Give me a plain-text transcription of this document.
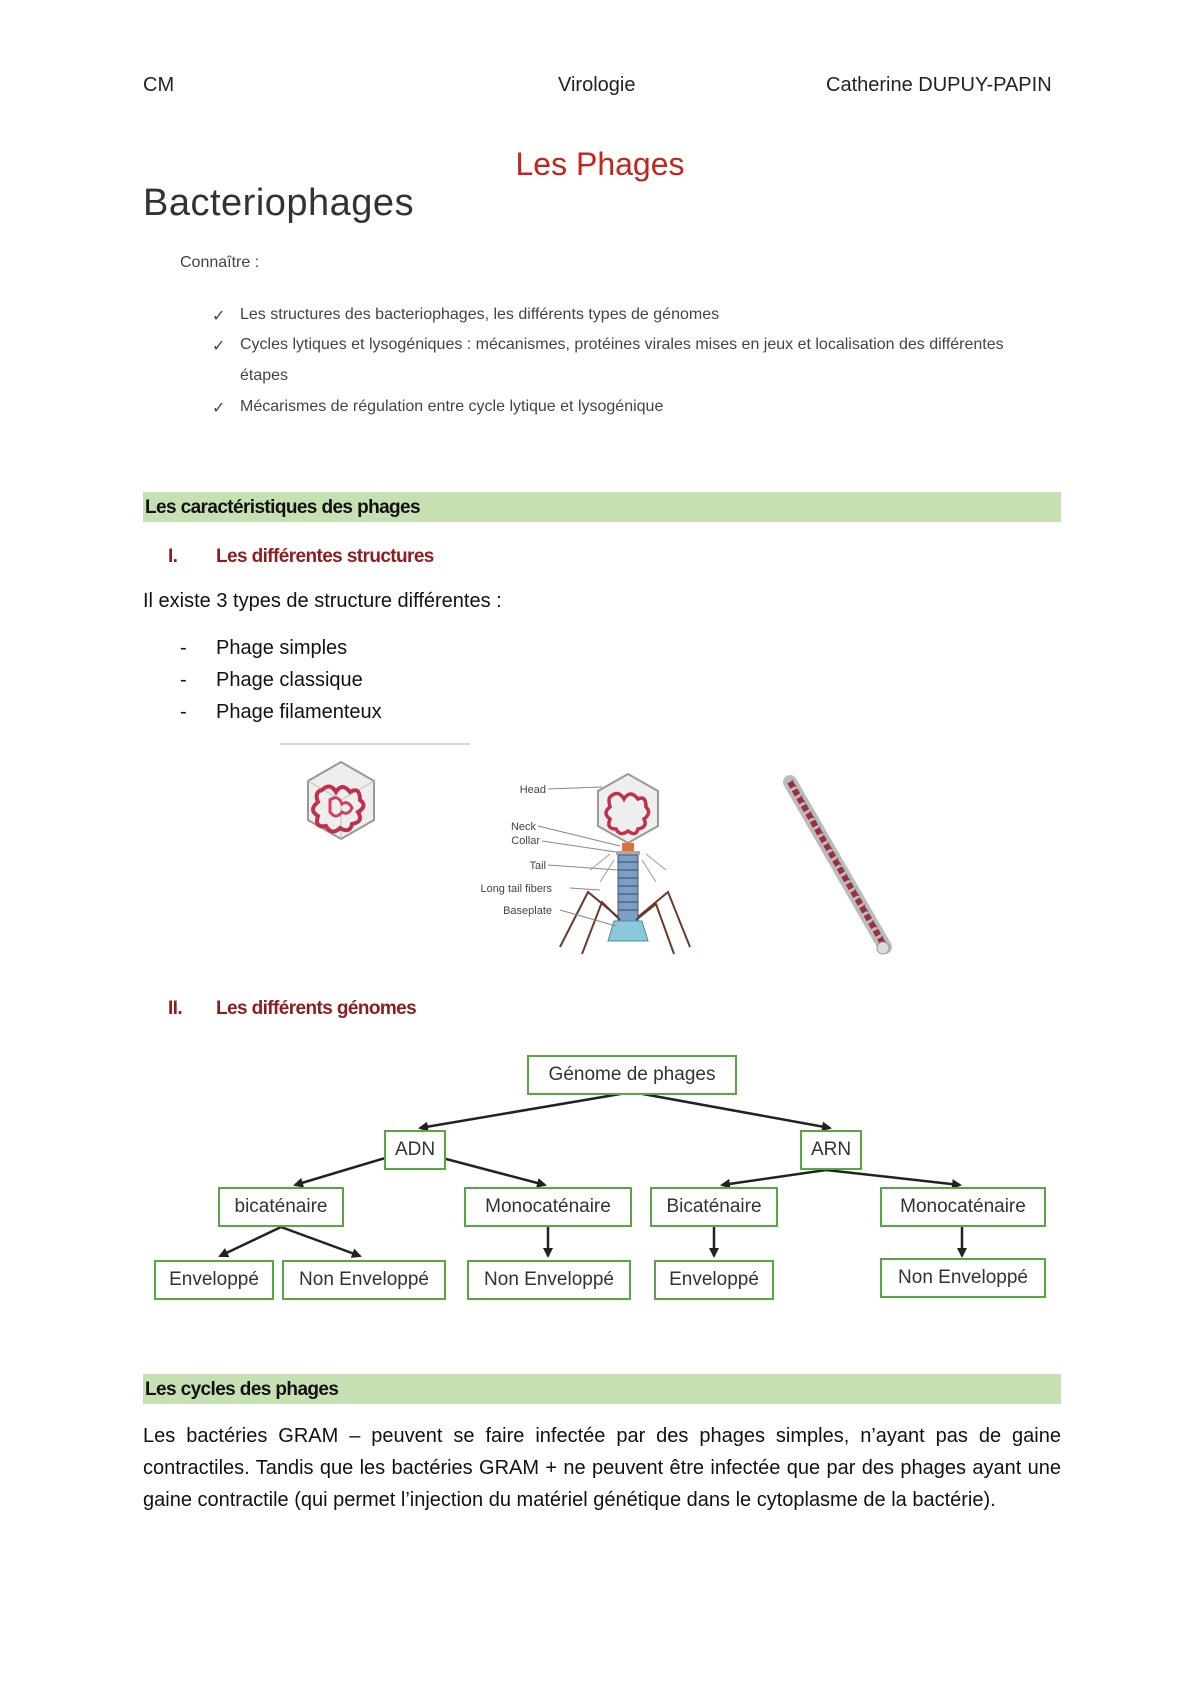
CM	Virologie	Catherine DUPUY-PAPIN
Les Phages
Bacteriophages
Connaître :
✓ Les structures des bacteriophages, les différents types de génomes
✓ Cycles lytiques et lysogéniques : mécanismes, protéines virales mises en jeux et localisation des différentes
étapes
✓ Mécarismes de régulation entre cycle lytique et lysogénique
Les caractéristiques des phages
I. Les différentes structures
Il existe 3 types de structure différentes :
- Phage simples
- Phage classique
- Phage filamenteux
Head
Neck
Collar
Tail
Long tail fibers
Baseplate
II. Les différents génomes
Génome de phages
ADN	ARN
bicaténaire	Monocaténaire	Bicaténaire	Monocaténaire
Enveloppé	Non Enveloppé	Non Enveloppé	Enveloppé	Non Enveloppé
Les cycles des phages
Les bactéries GRAM – peuvent se faire infectée par des phages simples, n’ayant pas de gaine contractiles. Tandis que les bactéries GRAM + ne peuvent être infectée que par des phages ayant une gaine contractile (qui permet l’injection du matériel génétique dans le cytoplasme de la bactérie).
